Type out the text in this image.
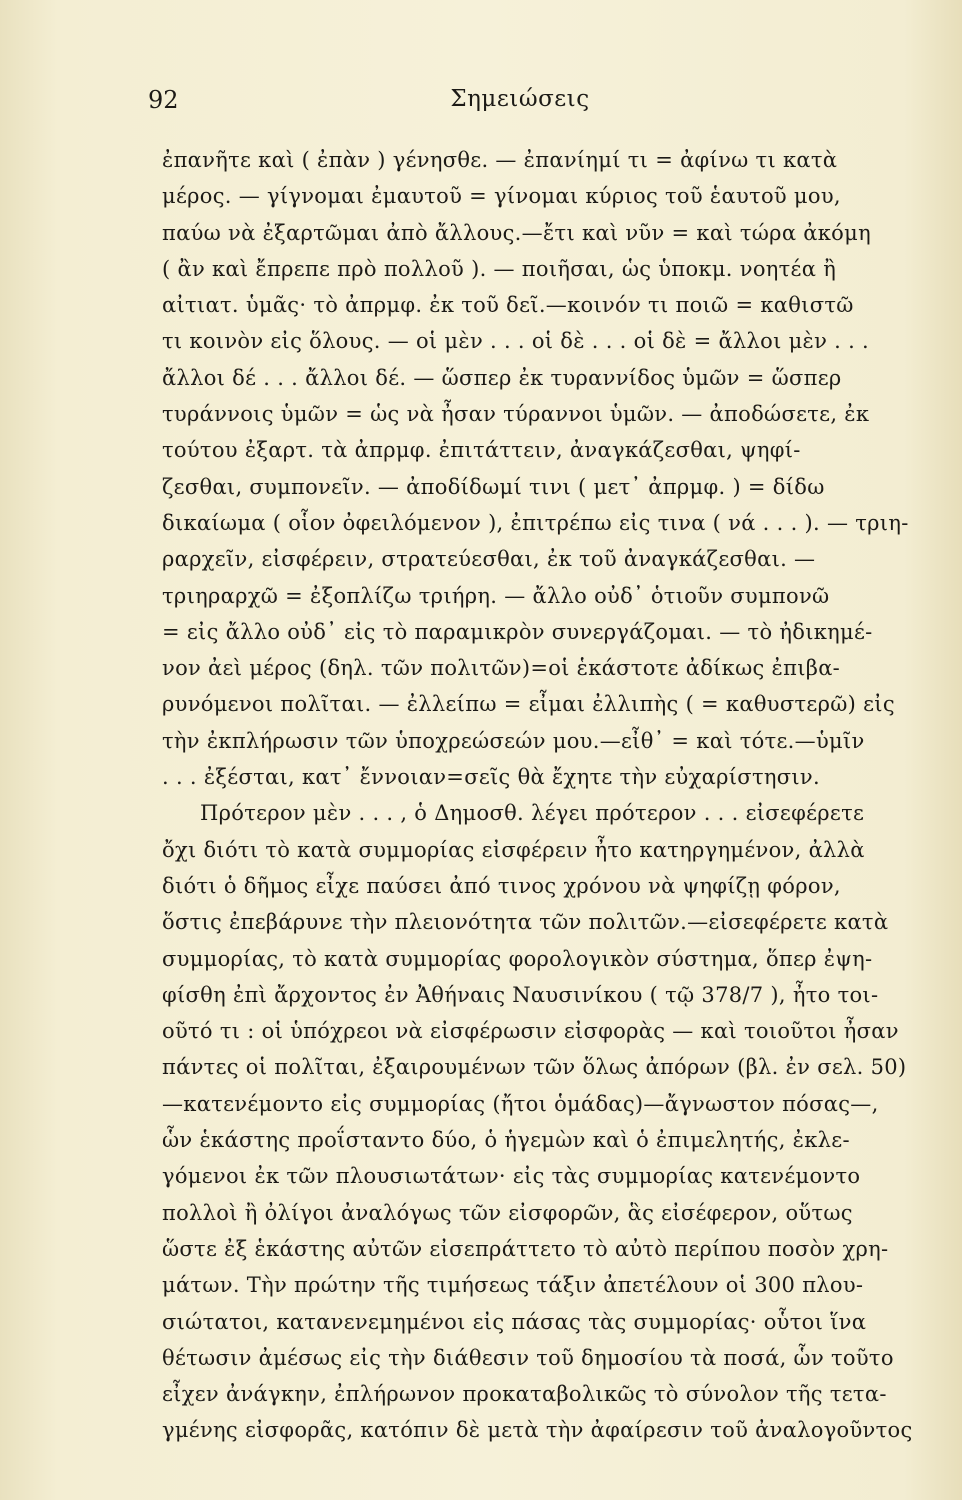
92	Σημειώσεις
ἐπανῆτε καὶ ( ἐπὰν ) γένησθε. — ἐπανίημί τι = ἀφίνω τι κατὰ
μέρος. — γίγνομαι ἐμαυτοῦ = γίνομαι κύριος τοῦ ἑαυτοῦ μου,
παύω νὰ ἐξαρτῶμαι ἀπὸ ἄλλους.—ἔτι καὶ νῦν = καὶ τώρα ἀκόμη
( ἂν καὶ ἔπρεπε πρὸ πολλοῦ ). — ποιῆσαι, ὡς ὑποκμ. νοητέα ἢ
αἰτιατ. ὑμᾶς· τὸ ἀπρμφ. ἐκ τοῦ δεῖ.—κοινόν τι ποιῶ = καθιστῶ
τι κοινὸν εἰς ὅλους. — οἱ μὲν . . . οἱ δὲ . . . οἱ δὲ = ἄλλοι μὲν . . .
ἄλλοι δέ . . . ἄλλοι δέ. — ὥσπερ ἐκ τυραννίδος ὑμῶν = ὥσπερ
τυράννοις ὑμῶν = ὡς νὰ ἦσαν τύραννοι ὑμῶν. — ἀποδώσετε, ἐκ
τούτου ἐξαρτ. τὰ ἀπρμφ. ἐπιτάττειν, ἀναγκάζεσθαι, ψηφί-
ζεσθαι, συμπονεῖν. — ἀποδίδωμί τινι ( μετ᾽ ἀπρμφ. ) = δίδω
δικαίωμα ( οἷον ὀφειλόμενον ), ἐπιτρέπω εἰς τινα ( νά . . . ). — τριη-
ραρχεῖν, εἰσφέρειν, στρατεύεσθαι, ἐκ τοῦ ἀναγκάζεσθαι. —
τριηραρχῶ = ἐξοπλίζω τριήρη. — ἄλλο οὐδ᾽ ὁτιοῦν συμπονῶ
= εἰς ἄλλο οὐδ᾽ εἰς τὸ παραμικρὸν συνεργάζομαι. — τὸ ἠδικημέ-
νον ἀεὶ μέρος (δηλ. τῶν πολιτῶν)=οἱ ἑκάστοτε ἀδίκως ἐπιβα-
ρυνόμενοι πολῖται. — ἐλλείπω = εἶμαι ἐλλιπὴς ( = καθυστερῶ) εἰς
τὴν ἐκπλήρωσιν τῶν ὑποχρεώσεών μου.—εἶθ᾽ = καὶ τότε.—ὑμῖν
. . . ἐξέσται, κατ᾽ ἔννοιαν=σεῖς θὰ ἔχητε τὴν εὐχαρίστησιν.
Πρότερον μὲν . . . , ὁ Δημοσθ. λέγει πρότερον . . . εἰσεφέρετε
ὄχι διότι τὸ κατὰ συμμορίας εἰσφέρειν ἦτο κατηργημένον, ἀλλὰ
διότι ὁ δῆμος εἶχε παύσει ἀπό τινος χρόνου νὰ ψηφίζῃ φόρον,
ὅστις ἐπεβάρυνε τὴν πλειονότητα τῶν πολιτῶν.—εἰσεφέρετε κατὰ
συμμορίας, τὸ κατὰ συμμορίας φορολογικὸν σύστημα, ὅπερ ἐψη-
φίσθη ἐπὶ ἄρχοντος ἐν Ἀθήναις Ναυσινίκου ( τῷ 378/7 ), ἦτο τοι-
οῦτό τι : οἱ ὑπόχρεοι νὰ εἰσφέρωσιν εἰσφορὰς — καὶ τοιοῦτοι ἦσαν
πάντες οἱ πολῖται, ἐξαιρουμένων τῶν ὅλως ἀπόρων (βλ. ἐν σελ. 50)
—κατενέμοντο εἰς συμμορίας (ἤτοι ὁμάδας)—ἄγνωστον πόσας—,
ὧν ἑκάστης προΐσταντο δύο, ὁ ἡγεμὼν καὶ ὁ ἐπιμελητής, ἐκλε-
γόμενοι ἐκ τῶν πλουσιωτάτων· εἰς τὰς συμμορίας κατενέμοντο
πολλοὶ ἢ ὀλίγοι ἀναλόγως τῶν εἰσφορῶν, ἃς εἰσέφερον, οὕτως
ὥστε ἐξ ἑκάστης αὐτῶν εἰσεπράττετο τὸ αὐτὸ περίπου ποσὸν χρη-
μάτων. Τὴν πρώτην τῆς τιμήσεως τάξιν ἀπετέλουν οἱ 300 πλου-
σιώτατοι, κατανενεμημένοι εἰς πάσας τὰς συμμορίας· οὗτοι ἵνα
θέτωσιν ἀμέσως εἰς τὴν διάθεσιν τοῦ δημοσίου τὰ ποσά, ὧν τοῦτο
εἶχεν ἀνάγκην, ἐπλήρωνον προκαταβολικῶς τὸ σύνολον τῆς τετα-
γμένης εἰσφορᾶς, κατόπιν δὲ μετὰ τὴν ἀφαίρεσιν τοῦ ἀναλογοῦντος
